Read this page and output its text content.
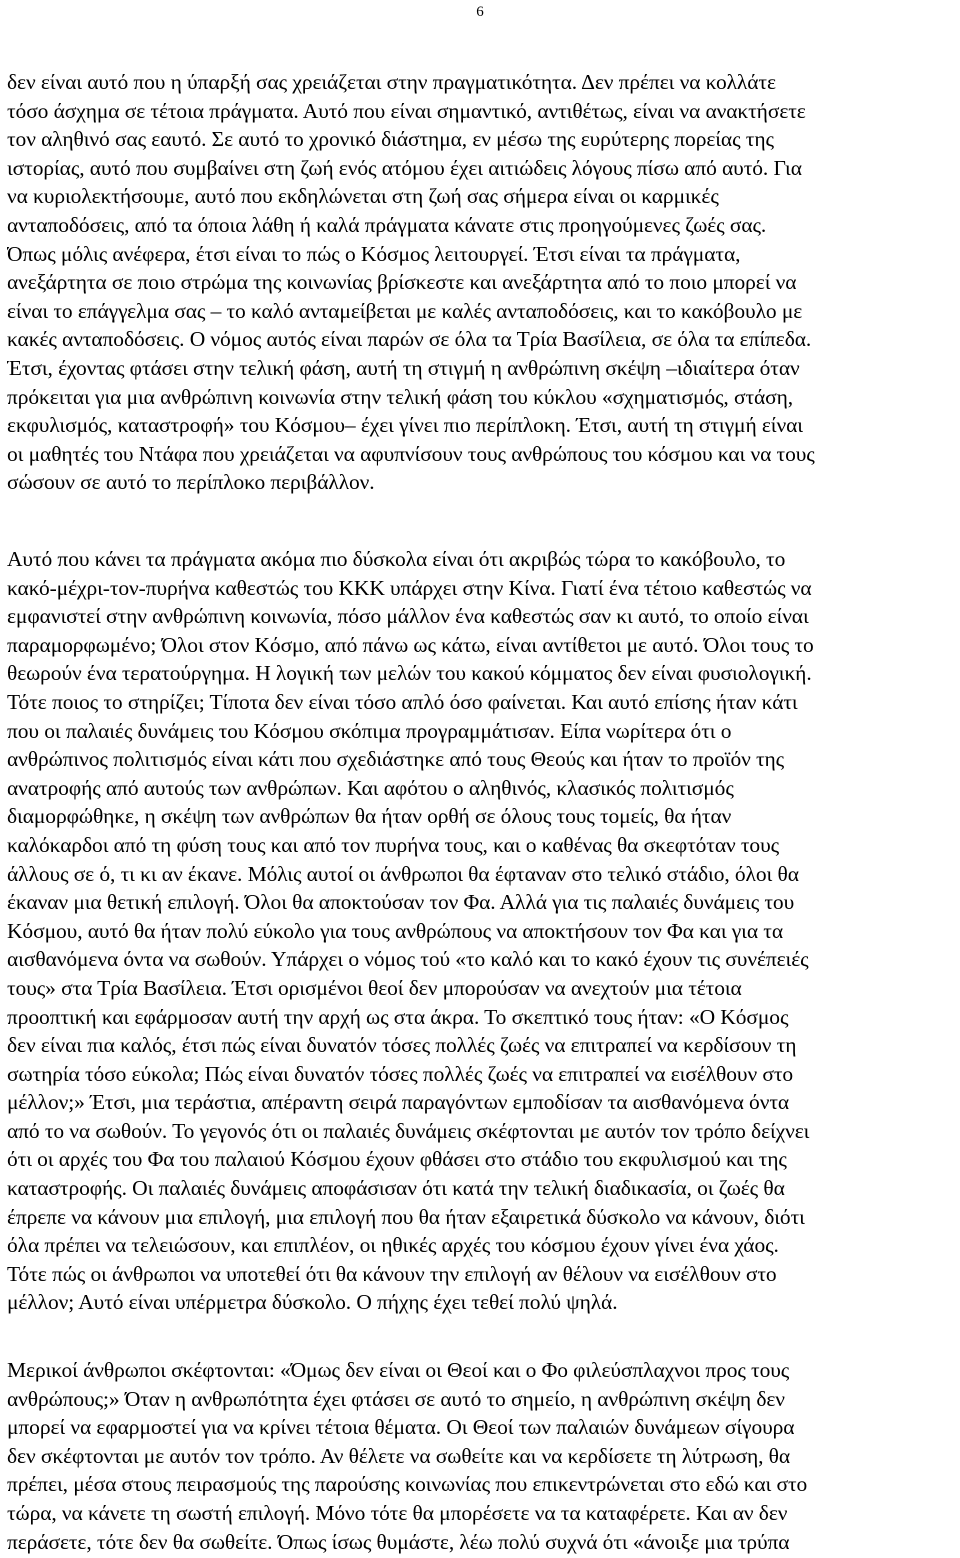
6
δεν είναι αυτό που η ύπαρξή σας χρειάζεται στην πραγματικότητα. Δεν πρέπει να κολλάτε
τόσο άσχημα σε τέτοια πράγματα. Αυτό που είναι σημαντικό, αντιθέτως, είναι να ανακτήσετε
τον αληθινό σας εαυτό. Σε αυτό το χρονικό διάστημα, εν μέσω της ευρύτερης πορείας της
ιστορίας, αυτό που συμβαίνει στη ζωή ενός ατόμου έχει αιτιώδεις λόγους πίσω από αυτό. Για
να κυριολεκτήσουμε, αυτό που εκδηλώνεται στη ζωή σας σήμερα είναι οι καρμικές
ανταποδόσεις, από τα όποια λάθη ή καλά πράγματα κάνατε στις προηγούμενες ζωές σας.
Όπως μόλις ανέφερα, έτσι είναι το πώς ο Κόσμος λειτουργεί. Έτσι είναι τα πράγματα,
ανεξάρτητα σε ποιο στρώμα της κοινωνίας βρίσκεστε και ανεξάρτητα από το ποιο μπορεί να
είναι το επάγγελμα σας – το καλό ανταμείβεται με καλές ανταποδόσεις, και το κακόβουλο με
κακές ανταποδόσεις. Ο νόμος αυτός είναι παρών σε όλα τα Τρία Βασίλεια, σε όλα τα επίπεδα.
Έτσι, έχοντας φτάσει στην τελική φάση, αυτή τη στιγμή η ανθρώπινη σκέψη –ιδιαίτερα όταν
πρόκειται για μια ανθρώπινη κοινωνία στην τελική φάση του κύκλου «σχηματισμός, στάση,
εκφυλισμός, καταστροφή» του Κόσμου– έχει γίνει πιο περίπλοκη. Έτσι, αυτή τη στιγμή είναι
οι μαθητές του Ντάφα που χρειάζεται να αφυπνίσουν τους ανθρώπους του κόσμου και να τους
σώσουν σε αυτό το περίπλοκο περιβάλλον.
Αυτό που κάνει τα πράγματα ακόμα πιο δύσκολα είναι ότι ακριβώς τώρα το κακόβουλο, το
κακό-μέχρι-τον-πυρήνα καθεστώς του ΚΚΚ υπάρχει στην Κίνα. Γιατί ένα τέτοιο καθεστώς να
εμφανιστεί στην ανθρώπινη κοινωνία, πόσο μάλλον ένα καθεστώς σαν κι αυτό, το οποίο είναι
παραμορφωμένο; Όλοι στον Κόσμο, από πάνω ως κάτω, είναι αντίθετοι με αυτό. Όλοι τους το
θεωρούν ένα τερατούργημα. Η λογική των μελών του κακού κόμματος δεν είναι φυσιολογική.
Τότε ποιος το στηρίζει; Τίποτα δεν είναι τόσο απλό όσο φαίνεται. Και αυτό επίσης ήταν κάτι
που οι παλαιές δυνάμεις του Κόσμου σκόπιμα προγραμμάτισαν. Είπα νωρίτερα ότι ο
ανθρώπινος πολιτισμός είναι κάτι που σχεδιάστηκε από τους Θεούς και ήταν το προϊόν της
ανατροφής από αυτούς των ανθρώπων. Και αφότου ο αληθινός, κλασικός πολιτισμός
διαμορφώθηκε, η σκέψη των ανθρώπων θα ήταν ορθή σε όλους τους τομείς, θα ήταν
καλόκαρδοι από τη φύση τους και από τον πυρήνα τους, και ο καθένας θα σκεφτόταν τους
άλλους σε ό, τι κι αν έκανε. Μόλις αυτοί οι άνθρωποι θα έφταναν στο τελικό στάδιο, όλοι θα
έκαναν μια θετική επιλογή. Όλοι θα αποκτούσαν τον Φα. Αλλά για τις παλαιές δυνάμεις του
Κόσμου, αυτό θα ήταν πολύ εύκολο για τους ανθρώπους να αποκτήσουν τον Φα και για τα
αισθανόμενα όντα να σωθούν. Υπάρχει ο νόμος τού «το καλό και το κακό έχουν τις συνέπειές
τους» στα Τρία Βασίλεια. Έτσι ορισμένοι θεοί δεν μπορούσαν να ανεχτούν μια τέτοια
προοπτική και εφάρμοσαν αυτή την αρχή ως στα άκρα. Το σκεπτικό τους ήταν: «Ο Κόσμος
δεν είναι πια καλός, έτσι πώς είναι δυνατόν τόσες πολλές ζωές να επιτραπεί να κερδίσουν τη
σωτηρία τόσο εύκολα; Πώς είναι δυνατόν τόσες πολλές ζωές να επιτραπεί να εισέλθουν στο
μέλλον;» Έτσι, μια τεράστια, απέραντη σειρά παραγόντων εμποδίσαν τα αισθανόμενα όντα
από το να σωθούν. Το γεγονός ότι οι παλαιές δυνάμεις σκέφτονται με αυτόν τον τρόπο δείχνει
ότι οι αρχές του Φα του παλαιού Κόσμου έχουν φθάσει στο στάδιο του εκφυλισμού και της
καταστροφής. Οι παλαιές δυνάμεις αποφάσισαν ότι κατά την τελική διαδικασία, οι ζωές θα
έπρεπε να κάνουν μια επιλογή, μια επιλογή που θα ήταν εξαιρετικά δύσκολο να κάνουν, διότι
όλα πρέπει να τελειώσουν, και επιπλέον, οι ηθικές αρχές του κόσμου έχουν γίνει ένα χάος.
Τότε πώς οι άνθρωποι να υποτεθεί ότι θα κάνουν την επιλογή αν θέλουν να εισέλθουν στο
μέλλον; Αυτό είναι υπέρμετρα δύσκολο. Ο πήχης έχει τεθεί πολύ ψηλά.
Μερικοί άνθρωποι σκέφτονται: «Όμως δεν είναι οι Θεοί και ο Φο φιλεύσπλαχνοι προς τους
ανθρώπους;» Όταν η ανθρωπότητα έχει φτάσει σε αυτό το σημείο, η ανθρώπινη σκέψη δεν
μπορεί να εφαρμοστεί για να κρίνει τέτοια θέματα. Οι Θεοί των παλαιών δυνάμεων σίγουρα
δεν σκέφτονται με αυτόν τον τρόπο. Αν θέλετε να σωθείτε και να κερδίσετε τη λύτρωση, θα
πρέπει, μέσα στους πειρασμούς της παρούσης κοινωνίας που επικεντρώνεται στο εδώ και στο
τώρα, να κάνετε τη σωστή επιλογή. Μόνο τότε θα μπορέσετε να τα καταφέρετε. Και αν δεν
περάσετε, τότε δεν θα σωθείτε. Όπως ίσως θυμάστε, λέω πολύ συχνά ότι «άνοιξε μια τρύπα
